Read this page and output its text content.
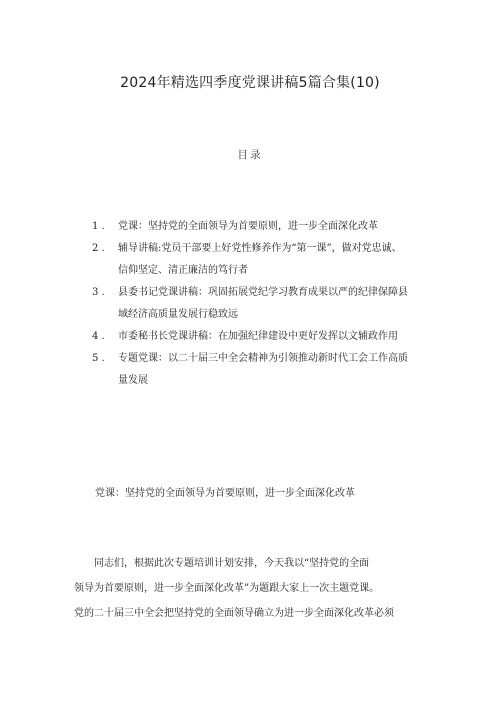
2024年精选四季度党课讲稿5篇合集(10)
目录
1 . 党课：坚持党的全面领导为首要原则，进一步全面深化改革
2 . 辅导讲稿:党员干部要上好党性修养作为“第一课”，做对党忠诚、
信仰坚定、清正廉洁的笃行者
3 . 县委书记党课讲稿：巩固拓展党纪学习教育成果以严的纪律保障县
域经济高质量发展行稳致远
4 . 市委秘书长党课讲稿：在加强纪律建设中更好发挥以文辅政作用
5 . 专题党课：以二十届三中全会精神为引领推动新时代工会工作高质
量发展
党课：坚持党的全面领导为首要原则，进一步全面深化改革
同志们，根据此次专题培训计划安排，今天我以“坚持党的全面
领导为首要原则，进一步全面深化改革”为题跟大家上一次主题党课。
党的二十届三中全会把坚持党的全面领导确立为进一步全面深化改革必须
